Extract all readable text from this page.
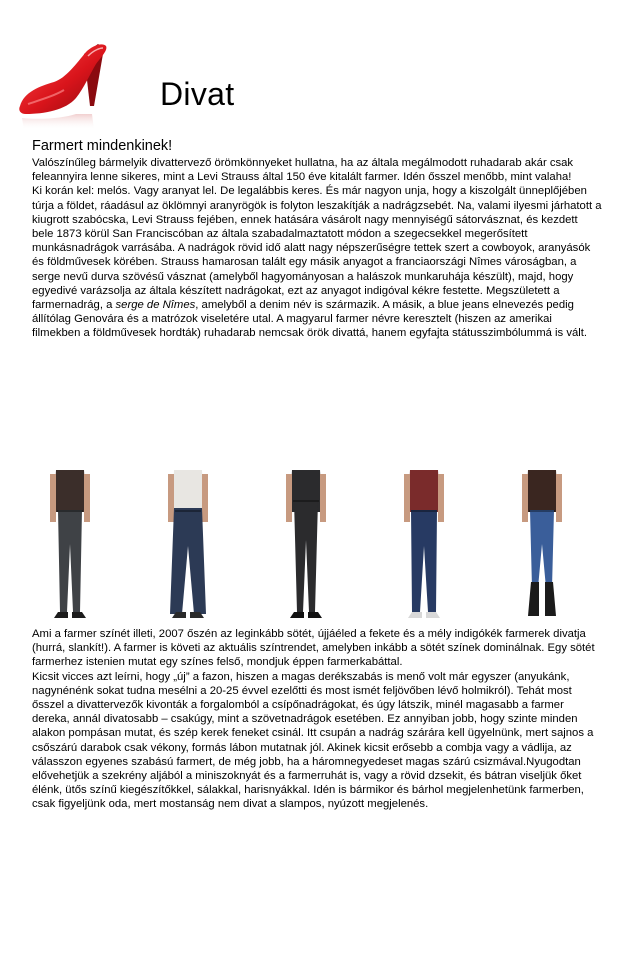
Divat
Farmert mindenkinek!

Valószínűleg bármelyik divattervező örömkönnyeket hullatna, ha az általa megálmodott ruhadarab akár csak feleannyira lenne sikeres, mint a Levi Strauss által 150 éve kitalált farmer. Idén ősszel menőbb, mint valaha!

Ki korán kel: melós. Vagy aranyat lel. De legalábbis keres. És már nagyon unja, hogy a kiszolgált ünneplőjében túrja a földet, ráadásul az öklömnyi aranyrögök is folyton leszakítják a nadrágzsebét. Na, valami ilyesmi járhatott a kiugrott szabócska, Levi Strauss fejében, ennek hatására vásárolt nagy mennyiségű sátorvásznat, és kezdett bele 1873 körül San Franciscóban az általa szabadalmaztatott módon a szegecsekkel megerősített munkásnadrágok varrásába. A nadrágok rövid idő alatt nagy népszerűségre tettek szert a cowboyok, aranyásók és földművesek körében. Strauss hamarosan talált egy másik anyagot a franciaországi Nîmes városágban, a serge nevű durva szövésű vásznat (amelyből hagyományosan a halászok munkaruhája készült), majd, hogy egyedivé varázsolja az általa készített nadrágokat, ezt az anyagot indigóval kékre festette. Megszületett a farmernadrág, a serge de Nîmes, amelyből a denim név is származik. A másik, a blue jeans elnevezés pedig állítólag Genovára és a matrózok viseletére utal. A magyarul farmer névre keresztelt (hiszen az amerikai filmekben a földművesek hordták) ruhadarab nemcsak örök divattá, hanem egyfajta státusszimbólummá is vált.

Ami a farmer színét illeti, 2007 őszén az leginkább sötét, újjáéled a fekete és a mély indigókék farmerek divatja (hurrá, slankít!). A farmer is követi az aktuális színtrendet, amelyben inkább a sötét színek dominálnak. Egy sötét farmerhez istenien mutat egy színes felső, mondjuk éppen farmerkabáttal.

Kicsit vicces azt leírni, hogy „új” a fazon, hiszen a magas derékszabás is menő volt már egyszer (anyukánk, nagynénénk sokat tudna mesélni a 20-25 évvel ezelőtti és most ismét feljövőben lévő holmikról). Tehát most ősszel a divattervezők kivonták a forgalomból a csípőnadrágokat, és úgy látszik, minél magasabb a farmer dereka, annál divatosabb – csakúgy, mint a szövetnadrágok esetében. Ez annyiban jobb, hogy szinte minden alakon pompásan mutat, és szép kerek feneket csinál. Itt csupán a nadrág szárára kell ügyelnünk, mert sajnos a csőszárú darabok csak vékony, formás lábon mutatnak jól. Akinek kicsit erősebb a combja vagy a vádlija, az válasszon egyenes szabású farmert, de még jobb, ha a háromnegyedeset magas szárú csizmával.Nyugodtan elővehetjük a szekrény aljából a miniszoknyát és a farmerruhát is, vagy a rövid dzsekit, és bátran viseljük őket élénk, ütős színű kiegészítőkkel, sálakkal, harisnyákkal. Idén is bármikor és bárhol megjelenhetünk farmerben, csak figyeljünk oda, mert mostanság nem divat a slampos, nyúzott megjelenés.
